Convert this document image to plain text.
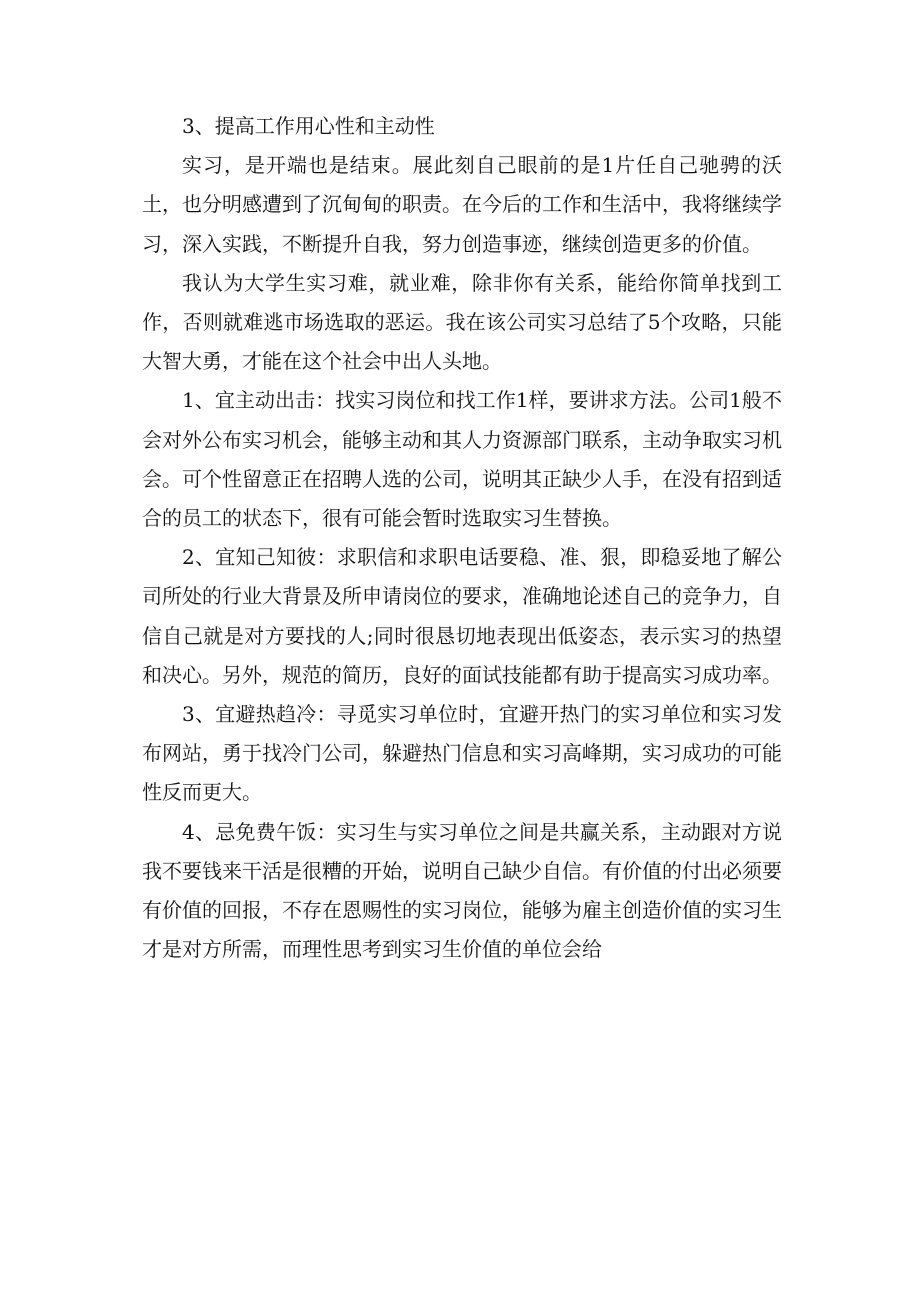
3、提高工作用心性和主动性

实习，是开端也是结束。展此刻自己眼前的是1片任自己驰骋的沃土，也分明感遭到了沉甸甸的职责。在今后的工作和生活中，我将继续学习，深入实践，不断提升自我，努力创造事迹，继续创造更多的价值。

我认为大学生实习难，就业难，除非你有关系，能给你简单找到工作，否则就难逃市场选取的恶运。我在该公司实习总结了5个攻略，只能大智大勇，才能在这个社会中出人头地。

1、宜主动出击：找实习岗位和找工作1样，要讲求方法。公司1般不会对外公布实习机会，能够主动和其人力资源部门联系，主动争取实习机会。可个性留意正在招聘人选的公司，说明其正缺少人手，在没有招到适合的员工的状态下，很有可能会暂时选取实习生替换。

2、宜知己知彼：求职信和求职电话要稳、准、狠，即稳妥地了解公司所处的行业大背景及所申请岗位的要求，准确地论述自己的竞争力，自信自己就是对方要找的人;同时很恳切地表现出低姿态，表示实习的热望和决心。另外，规范的简历，良好的面试技能都有助于提高实习成功率。

3、宜避热趋冷：寻觅实习单位时，宜避开热门的实习单位和实习发布网站，勇于找冷门公司，躲避热门信息和实习高峰期，实习成功的可能性反而更大。

4、忌免费午饭：实习生与实习单位之间是共赢关系，主动跟对方说我不要钱来干活是很糟的开始，说明自己缺少自信。有价值的付出必须要有价值的回报，不存在恩赐性的实习岗位，能够为雇主创造价值的实习生才是对方所需，而理性思考到实习生价值的单位会给
